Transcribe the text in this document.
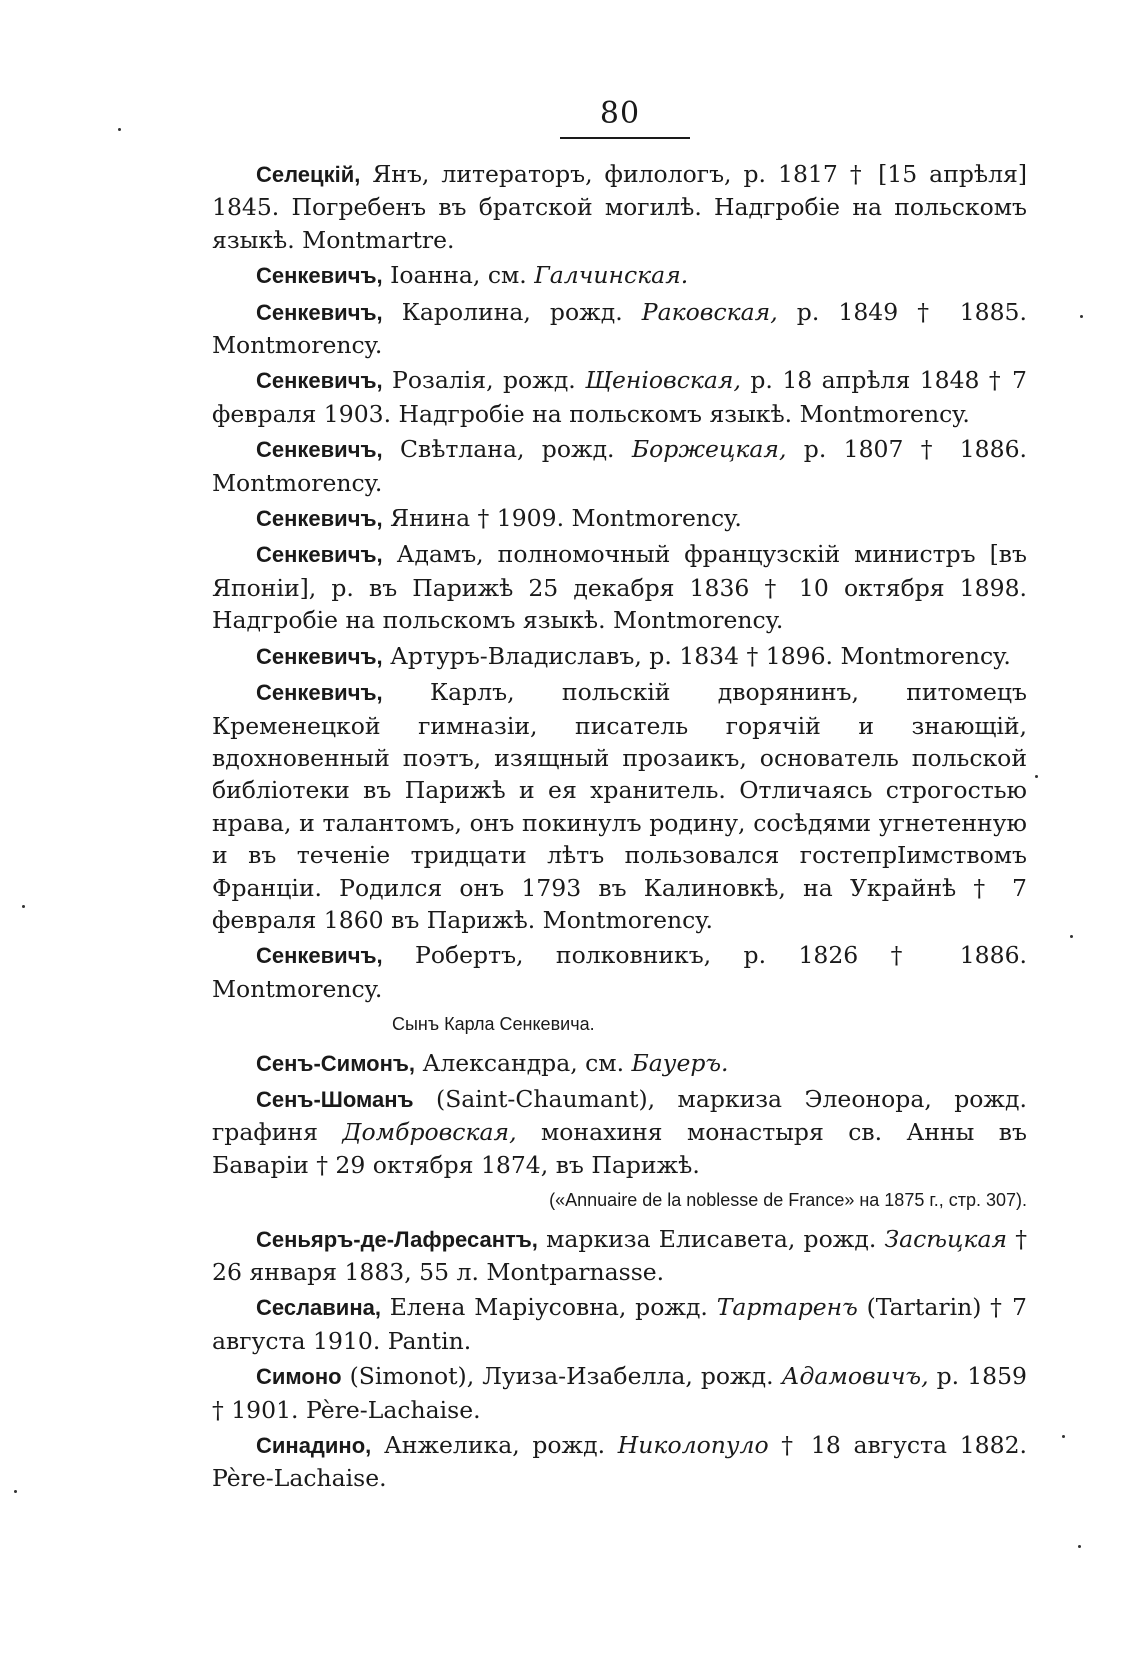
80

Селецкій, Янъ, литераторъ, филологъ, р. 1817 † [15 апрѣля] 1845. Погребенъ въ братской могилѣ. Надгробіе на польскомъ языкѣ. Montmartre.

Сенкевичъ, Іоанна, см. Галчинская.

Сенкевичъ, Каролина, рожд. Раковская, р. 1849 † 1885. Montmorency.

Сенкевичъ, Розалія, рожд. Щеніовская, р. 18 апрѣля 1848 † 7 февраля 1903. Надгробіе на польскомъ языкѣ. Montmorency.

Сенкевичъ, Свѣтлана, рожд. Боржецкая, р. 1807 † 1886. Montmorency.

Сенкевичъ, Янина † 1909. Montmorency.

Сенкевичъ, Адамъ, полномочный французскій министръ [въ Японіи], р. въ Парижѣ 25 декабря 1836 † 10 октября 1898. Надгробіе на польскомъ языкѣ. Montmorency.

Сенкевичъ, Артуръ-Владиславъ, р. 1834 † 1896. Montmorency.

Сенкевичъ, Карлъ, польскій дворянинъ, питомецъ Кременецкой гимназіи, писатель горячій и знающій, вдохновенный поэтъ, изящный прозаикъ, основатель польской библіотеки въ Парижѣ и ея хранитель. Отличаясь строгостью нрава, и талантомъ, онъ покинулъ родину, сосѣдями угнетенную и въ теченіе тридцати лѣтъ пользовался гостепрІимствомъ Франціи. Родился онъ 1793 въ Калиновкѣ, на Украйнѣ † 7 февраля 1860 въ Парижѣ. Montmorency.

Сенкевичъ, Робертъ, полковникъ, р. 1826 † 1886. Montmorency.

Сынъ Карла Сенкевича.

Сенъ-Симонъ, Александра, см. Бауеръ.

Сенъ-Шоманъ (Saint-Chaumant), маркиза Элеонора, рожд. графиня Домбровская, монахиня монастыря св. Анны въ Баваріи † 29 октября 1874, въ Парижѣ.

(«Annuaire de la noblesse de France» на 1875 г., стр. 307).

Сеньяръ-де-Лафресантъ, маркиза Елисавета, рожд. Засѣцкая † 26 января 1883, 55 л. Montparnasse.

Сеславина, Елена Маріусовна, рожд. Тартаренъ (Tartarin) † 7 августа 1910. Pantin.

Симоно (Simonot), Луиза-Изабелла, рожд. Адамовичъ, р. 1859 † 1901. Père-Lachaise.

Синадино, Анжелика, рожд. Николопуло † 18 августа 1882. Père-Lachaise.
